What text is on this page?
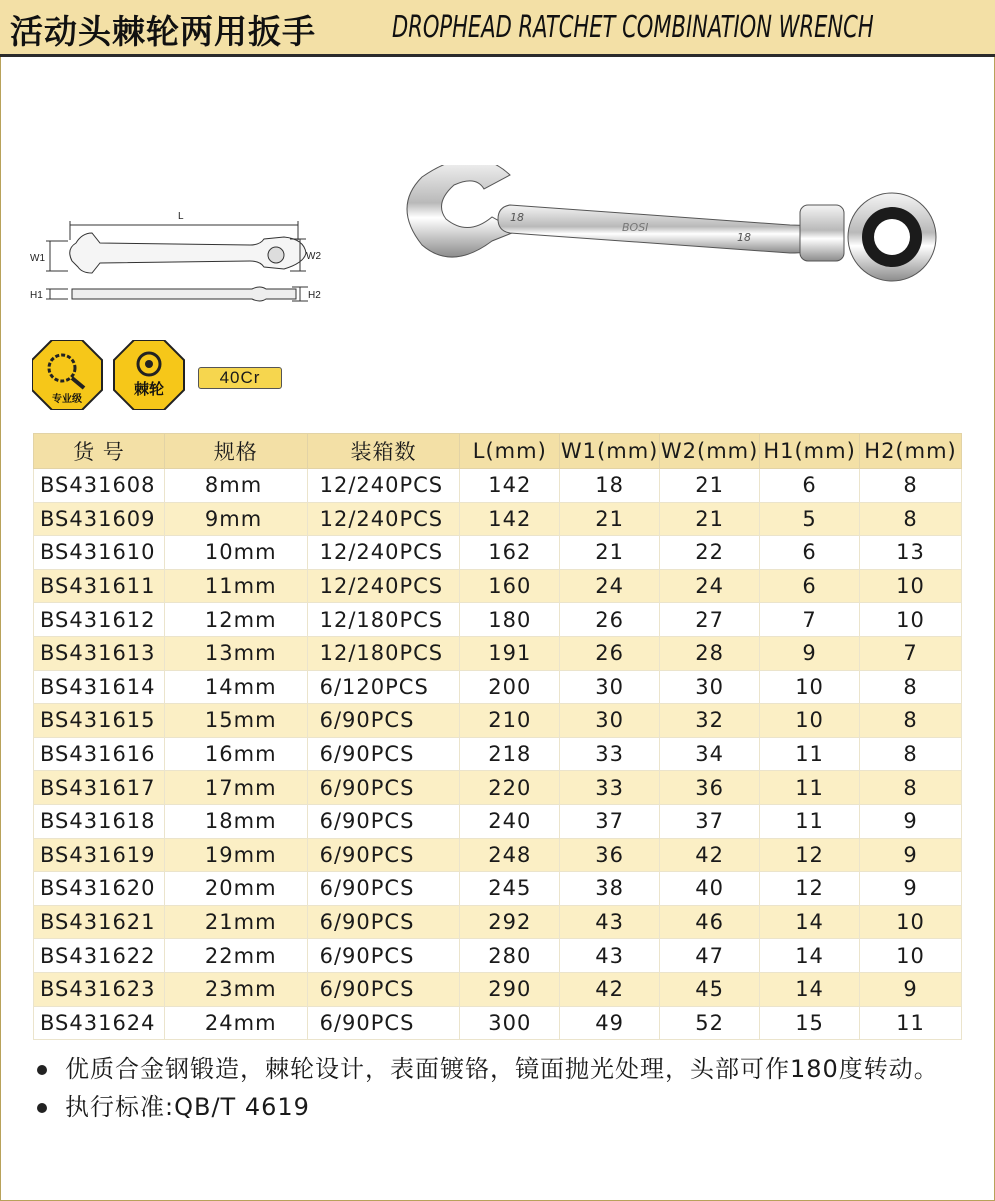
活动头棘轮两用扳手	DROPHEAD RATCHET COMBINATION WRENCH
L
W1	W2
H1	H2
18
BOSI
18
专业级
棘轮
40Cr
货 号	规格	装箱数	L(mm)	W1(mm)	W2(mm)	H1(mm)	H2(mm)
BS431608	8mm	12/240PCS	142	18	21	6	8
BS431609	9mm	12/240PCS	142	21	21	5	8
BS431610	10mm	12/240PCS	162	21	22	6	13
BS431611	11mm	12/240PCS	160	24	24	6	10
BS431612	12mm	12/180PCS	180	26	27	7	10
BS431613	13mm	12/180PCS	191	26	28	9	7
BS431614	14mm	6/120PCS	200	30	30	10	8
BS431615	15mm	6/90PCS	210	30	32	10	8
BS431616	16mm	6/90PCS	218	33	34	11	8
BS431617	17mm	6/90PCS	220	33	36	11	8
BS431618	18mm	6/90PCS	240	37	37	11	9
BS431619	19mm	6/90PCS	248	36	42	12	9
BS431620	20mm	6/90PCS	245	38	40	12	9
BS431621	21mm	6/90PCS	292	43	46	14	10
BS431622	22mm	6/90PCS	280	43	47	14	10
BS431623	23mm	6/90PCS	290	42	45	14	9
BS431624	24mm	6/90PCS	300	49	52	15	11
优质合金钢锻造，棘轮设计，表面镀铬，镜面抛光处理，头部可作180度转动。
执行标准:QB/T 4619
